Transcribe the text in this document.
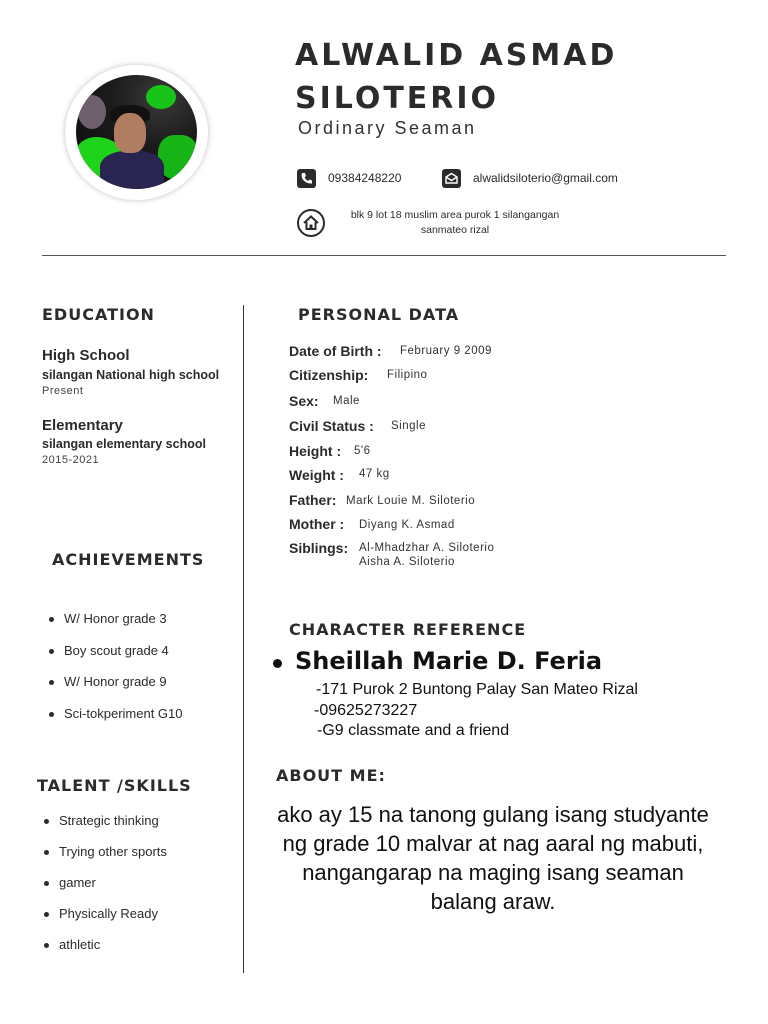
ALWALID ASMAD
SILOTERIO
Ordinary Seaman
09384248220	alwalidsiloterio@gmail.com
blk 9 lot 18 muslim area purok 1 silangangan
sanmateo rizal
EDUCATION
High School
silangan National high school
Present
Elementary
silangan elementary school
2015-2021
ACHIEVEMENTS
W/ Honor grade 3
Boy scout grade 4
W/ Honor grade 9
Sci-tokperiment G10
TALENT /SKILLS
Strategic thinking
Trying other sports
gamer
Physically Ready
athletic
PERSONAL DATA
Date of Birth : February 9 2009
Citizenship: Filipino
Sex: Male
Civil Status : Single
Height : 5'6
Weight : 47 kg
Father: Mark Louie M. Siloterio
Mother : Diyang K. Asmad
Siblings: Al-Mhadzhar A. Siloterio
Aisha A. Siloterio
CHARACTER REFERENCE
Sheillah Marie D. Feria
-171 Purok 2 Buntong Palay San Mateo Rizal
-09625273227
-G9 classmate and a friend
ABOUT ME:
ako ay 15 na tanong gulang isang studyante
ng grade 10 malvar at nag aaral ng mabuti,
nangangarap na maging isang seaman
balang araw.
